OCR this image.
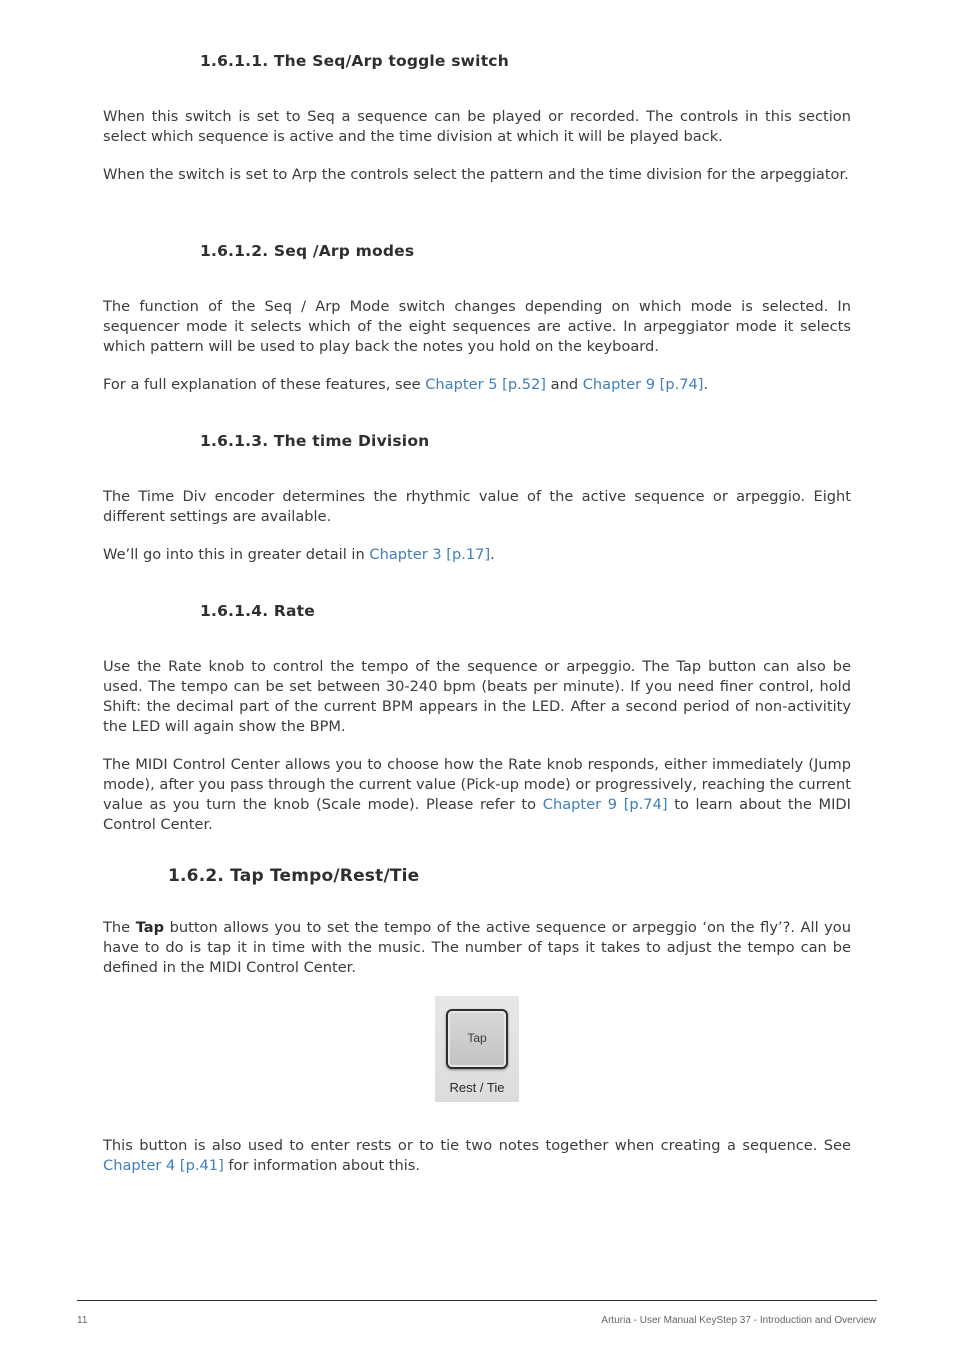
1.6.1.1. The Seq/Arp toggle switch

When this switch is set to Seq a sequence can be played or recorded. The controls in this section select which sequence is active and the time division at which it will be played back.

When the switch is set to Arp the controls select the pattern and the time division for the arpeggiator.

1.6.1.2. Seq /Arp modes

The function of the Seq / Arp Mode switch changes depending on which mode is selected. In sequencer mode it selects which of the eight sequences are active. In arpeggiator mode it selects which pattern will be used to play back the notes you hold on the keyboard.

For a full explanation of these features, see Chapter 5 [p.52] and Chapter 9 [p.74].

1.6.1.3. The time Division

The Time Div encoder determines the rhythmic value of the active sequence or arpeggio. Eight different settings are available.

We’ll go into this in greater detail in Chapter 3 [p.17].

1.6.1.4. Rate

Use the Rate knob to control the tempo of the sequence or arpeggio. The Tap button can also be used. The tempo can be set between 30-240 bpm (beats per minute). If you need finer control, hold Shift: the decimal part of the current BPM appears in the LED. After a second period of non-activitity the LED will again show the BPM.

The MIDI Control Center allows you to choose how the Rate knob responds, either immediately (Jump mode), after you pass through the current value (Pick-up mode) or progressively, reaching the current value as you turn the knob (Scale mode). Please refer to Chapter 9 [p.74] to learn about the MIDI Control Center.

1.6.2. Tap Tempo/Rest/Tie

The Tap button allows you to set the tempo of the active sequence or arpeggio ‘on the fly’?. All you have to do is tap it in time with the music. The number of taps it takes to adjust the tempo can be defined in the MIDI Control Center.

Tap
Rest / Tie

This button is also used to enter rests or to tie two notes together when creating a sequence. See Chapter 4 [p.41] for information about this.

11	Arturia - User Manual KeyStep 37 - Introduction and Overview
